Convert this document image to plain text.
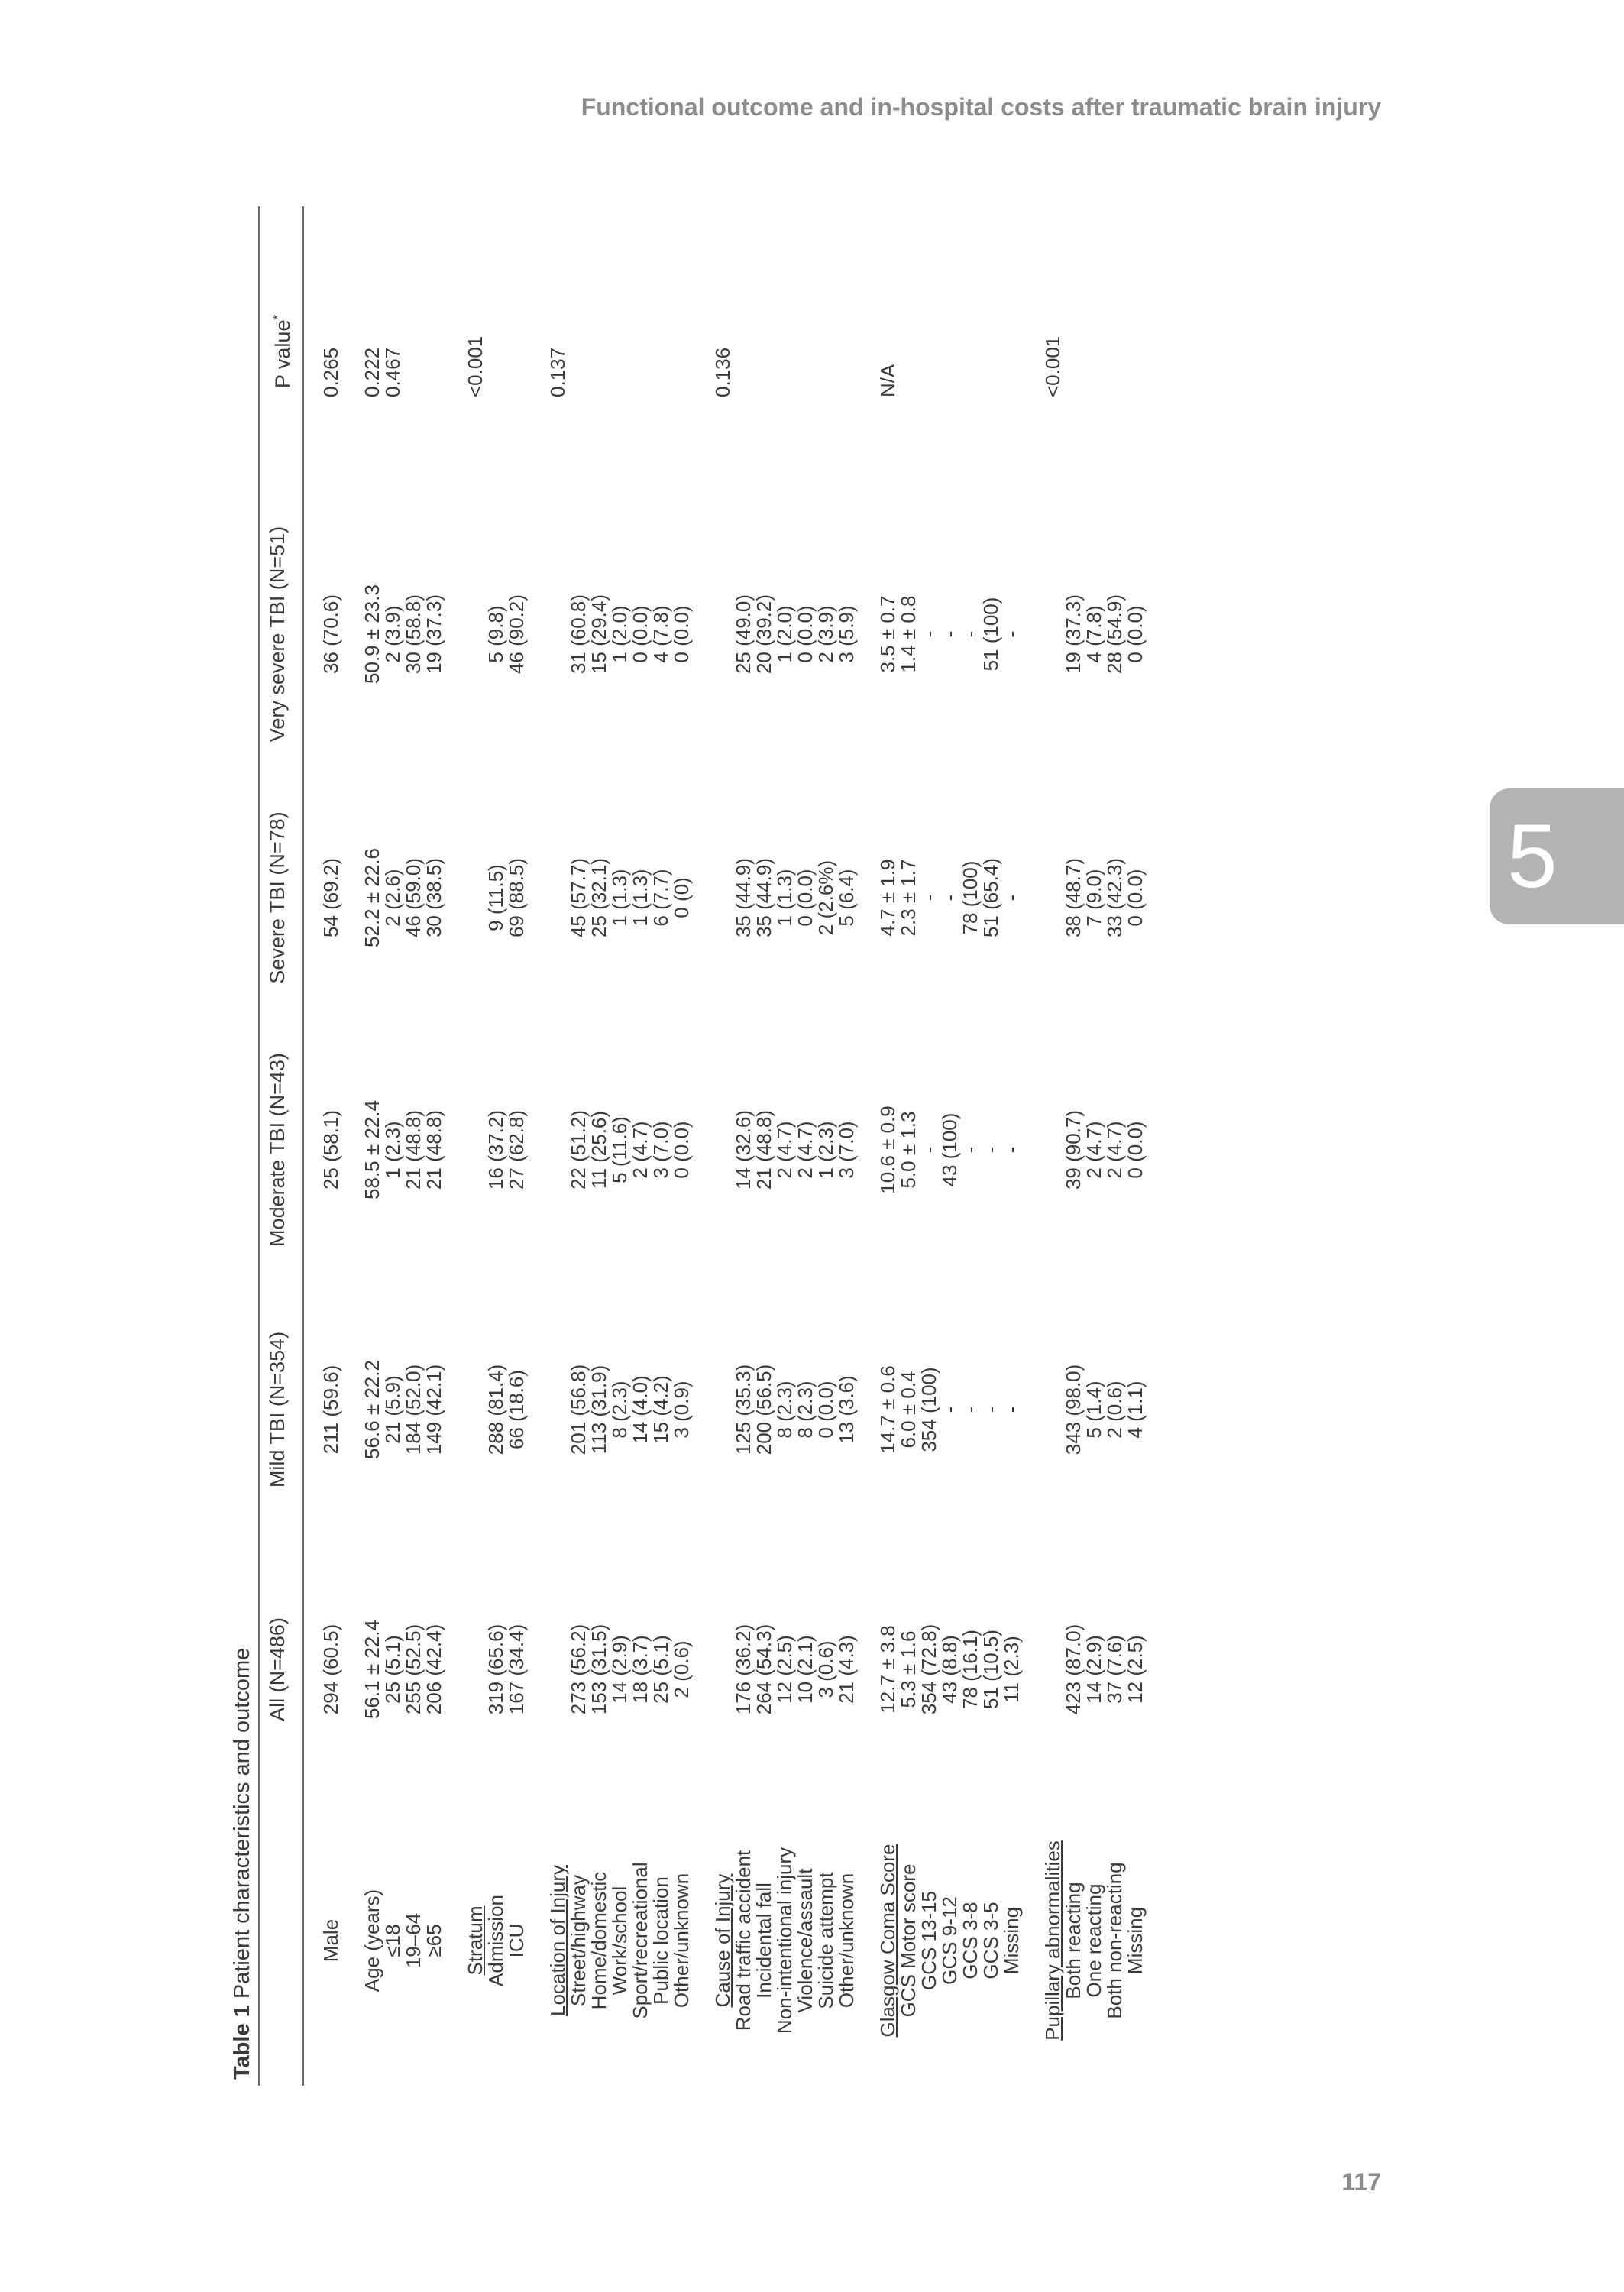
Functional outcome and in-hospital costs after traumatic brain injury
5
Table 1 Patient characteristics and outcome
	All (N=486)	Mild TBI (N=354)	Moderate TBI (N=43)	Severe TBI (N=78)	Very severe TBI (N=51)	P value*
Male	294 (60.5)	211 (59.6)	25 (58.1)	54 (69.2)	36 (70.6)	0.265

Age (years)	56.1 ± 22.4	56.6 ± 22.2	58.5 ± 22.4	52.2 ± 22.6	50.9 ± 23.3	0.222
≤18	25 (5.1)	21 (5.9)	1 (2.3)	2 (2.6)	2 (3.9)	0.467
19–64	255 (52.5)	184 (52.0)	21 (48.8)	46 (59.0)	30 (58.8)	
≥65	206 (42.4)	149 (42.1)	21 (48.8)	30 (38.5)	19 (37.3)	

Stratum						<0.001
Admission	319 (65.6)	288 (81.4)	16 (37.2)	9 (11.5)	5 (9.8)	
ICU	167 (34.4)	66 (18.6)	27 (62.8)	69 (88.5)	46 (90.2)	

Location of Injury						0.137
Street/highway	273 (56.2)	201 (56.8)	22 (51.2)	45 (57.7)	31 (60.8)	
Home/domestic	153 (31.5)	113 (31.9)	11 (25.6)	25 (32.1)	15 (29.4)	
Work/school	14 (2.9)	8 (2.3)	5 (11.6)	1 (1.3)	1 (2.0)	
Sport/recreational	18 (3.7)	14 (4.0)	2 (4.7)	1 (1.3)	0 (0.0)	
Public location	25 (5.1)	15 (4.2)	3 (7.0)	6 (7.7)	4 (7.8)	
Other/unknown	2 (0.6)	3 (0.9)	0 (0.0)	0 (0)	0 (0.0)	

Cause of Injury						0.136
Road traffic accident	176 (36.2)	125 (35.3)	14 (32.6)	35 (44.9)	25 (49.0)	
Incidental fall	264 (54.3)	200 (56.5)	21 (48.8)	35 (44.9)	20 (39.2)	
Non-intentional injury	12 (2.5)	8 (2.3)	2 (4.7)	1 (1.3)	1 (2.0)	
Violence/assault	10 (2.1)	8 (2.3)	2 (4.7)	0 (0.0)	0 (0.0)	
Suicide attempt	3 (0.6)	0 (0.0)	1 (2.3)	2 (2.6%)	2 (3.9)	
Other/unknown	21 (4.3)	13 (3.6)	3 (7.0)	5 (6.4)	3 (5.9)	

Glasgow Coma Score	12.7 ± 3.8	14.7 ± 0.6	10.6 ± 0.9	4.7 ± 1.9	3.5 ± 0.7	N/A
GCS Motor score	5.3 ± 1.6	6.0 ± 0.4	5.0 ± 1.3	2.3 ± 1.7	1.4 ± 0.8	
GCS 13-15	354 (72.8)	354 (100)	-	-	-	
GCS 9-12	43 (8.8)	-	43 (100)	-	-	
GCS 3-8	78 (16.1)	-	-	78 (100)	-	
GCS 3-5	51 (10.5)	-	-	51 (65.4)	51 (100)	
Missing	11 (2.3)	-	-	-	-	

Pupillary abnormalities						<0.001
Both reacting	423 (87.0)	343 (98.0)	39 (90.7)	38 (48.7)	19 (37.3)	
One reacting	14 (2.9)	5 (1.4)	2 (4.7)	7 (9.0)	4 (7.8)	
Both non-reacting	37 (7.6)	2 (0.6)	2 (4.7)	33 (42.3)	28 (54.9)	
Missing	12 (2.5)	4 (1.1)	0 (0.0)	0 (0.0)	0 (0.0)	
117
